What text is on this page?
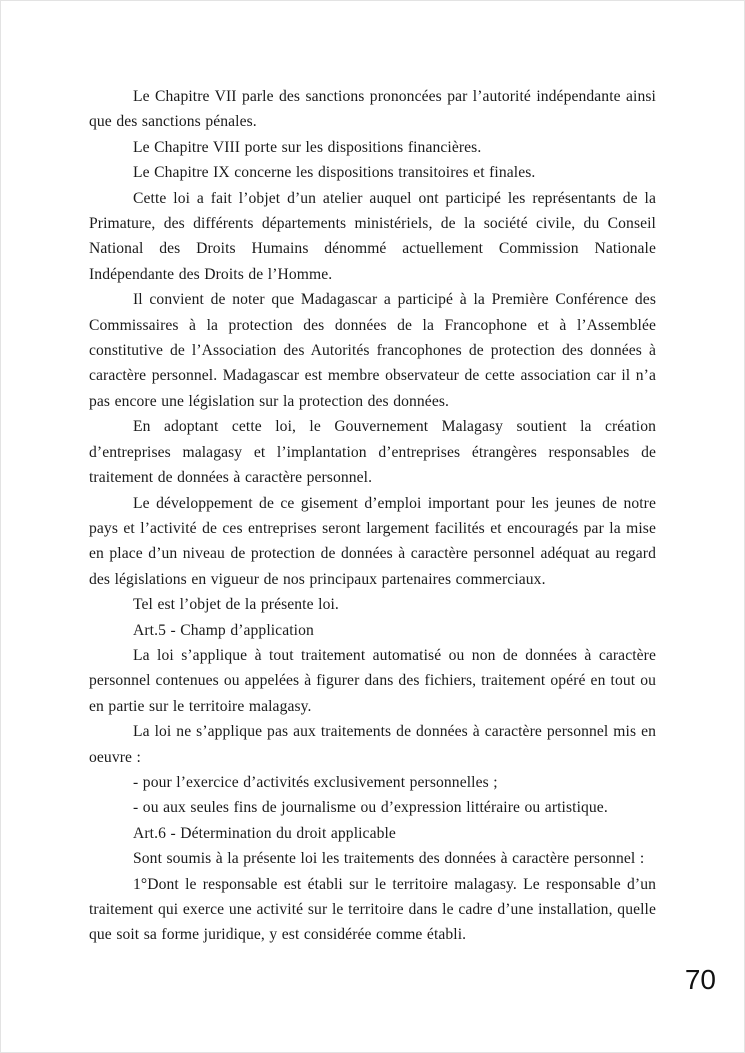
Le Chapitre VII parle des sanctions prononcées par l’autorité indépendante ainsi que des sanctions pénales.

Le Chapitre VIII porte sur les dispositions financières.

Le Chapitre IX concerne les dispositions transitoires et finales.

Cette loi a fait l’objet d’un atelier auquel ont participé les représentants de la Primature, des différents départements ministériels, de la société civile, du Conseil National des Droits Humains dénommé actuellement Commission Nationale Indépendante des Droits de l’Homme.

Il convient de noter que Madagascar a participé à la Première Conférence des Commissaires à la protection des données de la Francophone et à l’Assemblée constitutive de l’Association des Autorités francophones de protection des données à caractère personnel. Madagascar est membre observateur de cette association car il n’a pas encore une législation sur la protection des données.

En adoptant cette loi, le Gouvernement Malagasy soutient la création d’entreprises malagasy et l’implantation d’entreprises étrangères responsables de traitement de données à caractère personnel.

Le développement de ce gisement d’emploi important pour les jeunes de notre pays et l’activité de ces entreprises seront largement facilités et encouragés par la mise en place d’un niveau de protection de données à caractère personnel adéquat au regard des législations en vigueur de nos principaux partenaires commerciaux.

Tel est l’objet de la présente loi.

Art.5 - Champ d’application

La loi s’applique à tout traitement automatisé ou non de données à caractère personnel contenues ou appelées à figurer dans des fichiers, traitement opéré en tout ou en partie sur le territoire malagasy.

La loi ne s’applique pas aux traitements de données à caractère personnel mis en oeuvre :

- pour l’exercice d’activités exclusivement personnelles ;

- ou aux seules fins de journalisme ou d’expression littéraire ou artistique.

Art.6 - Détermination du droit applicable

Sont soumis à la présente loi les traitements des données à caractère personnel :

1°Dont le responsable est établi sur le territoire malagasy. Le responsable d’un traitement qui exerce une activité sur le territoire dans le cadre d’une installation, quelle que soit sa forme juridique, y est considérée comme établi.

70
